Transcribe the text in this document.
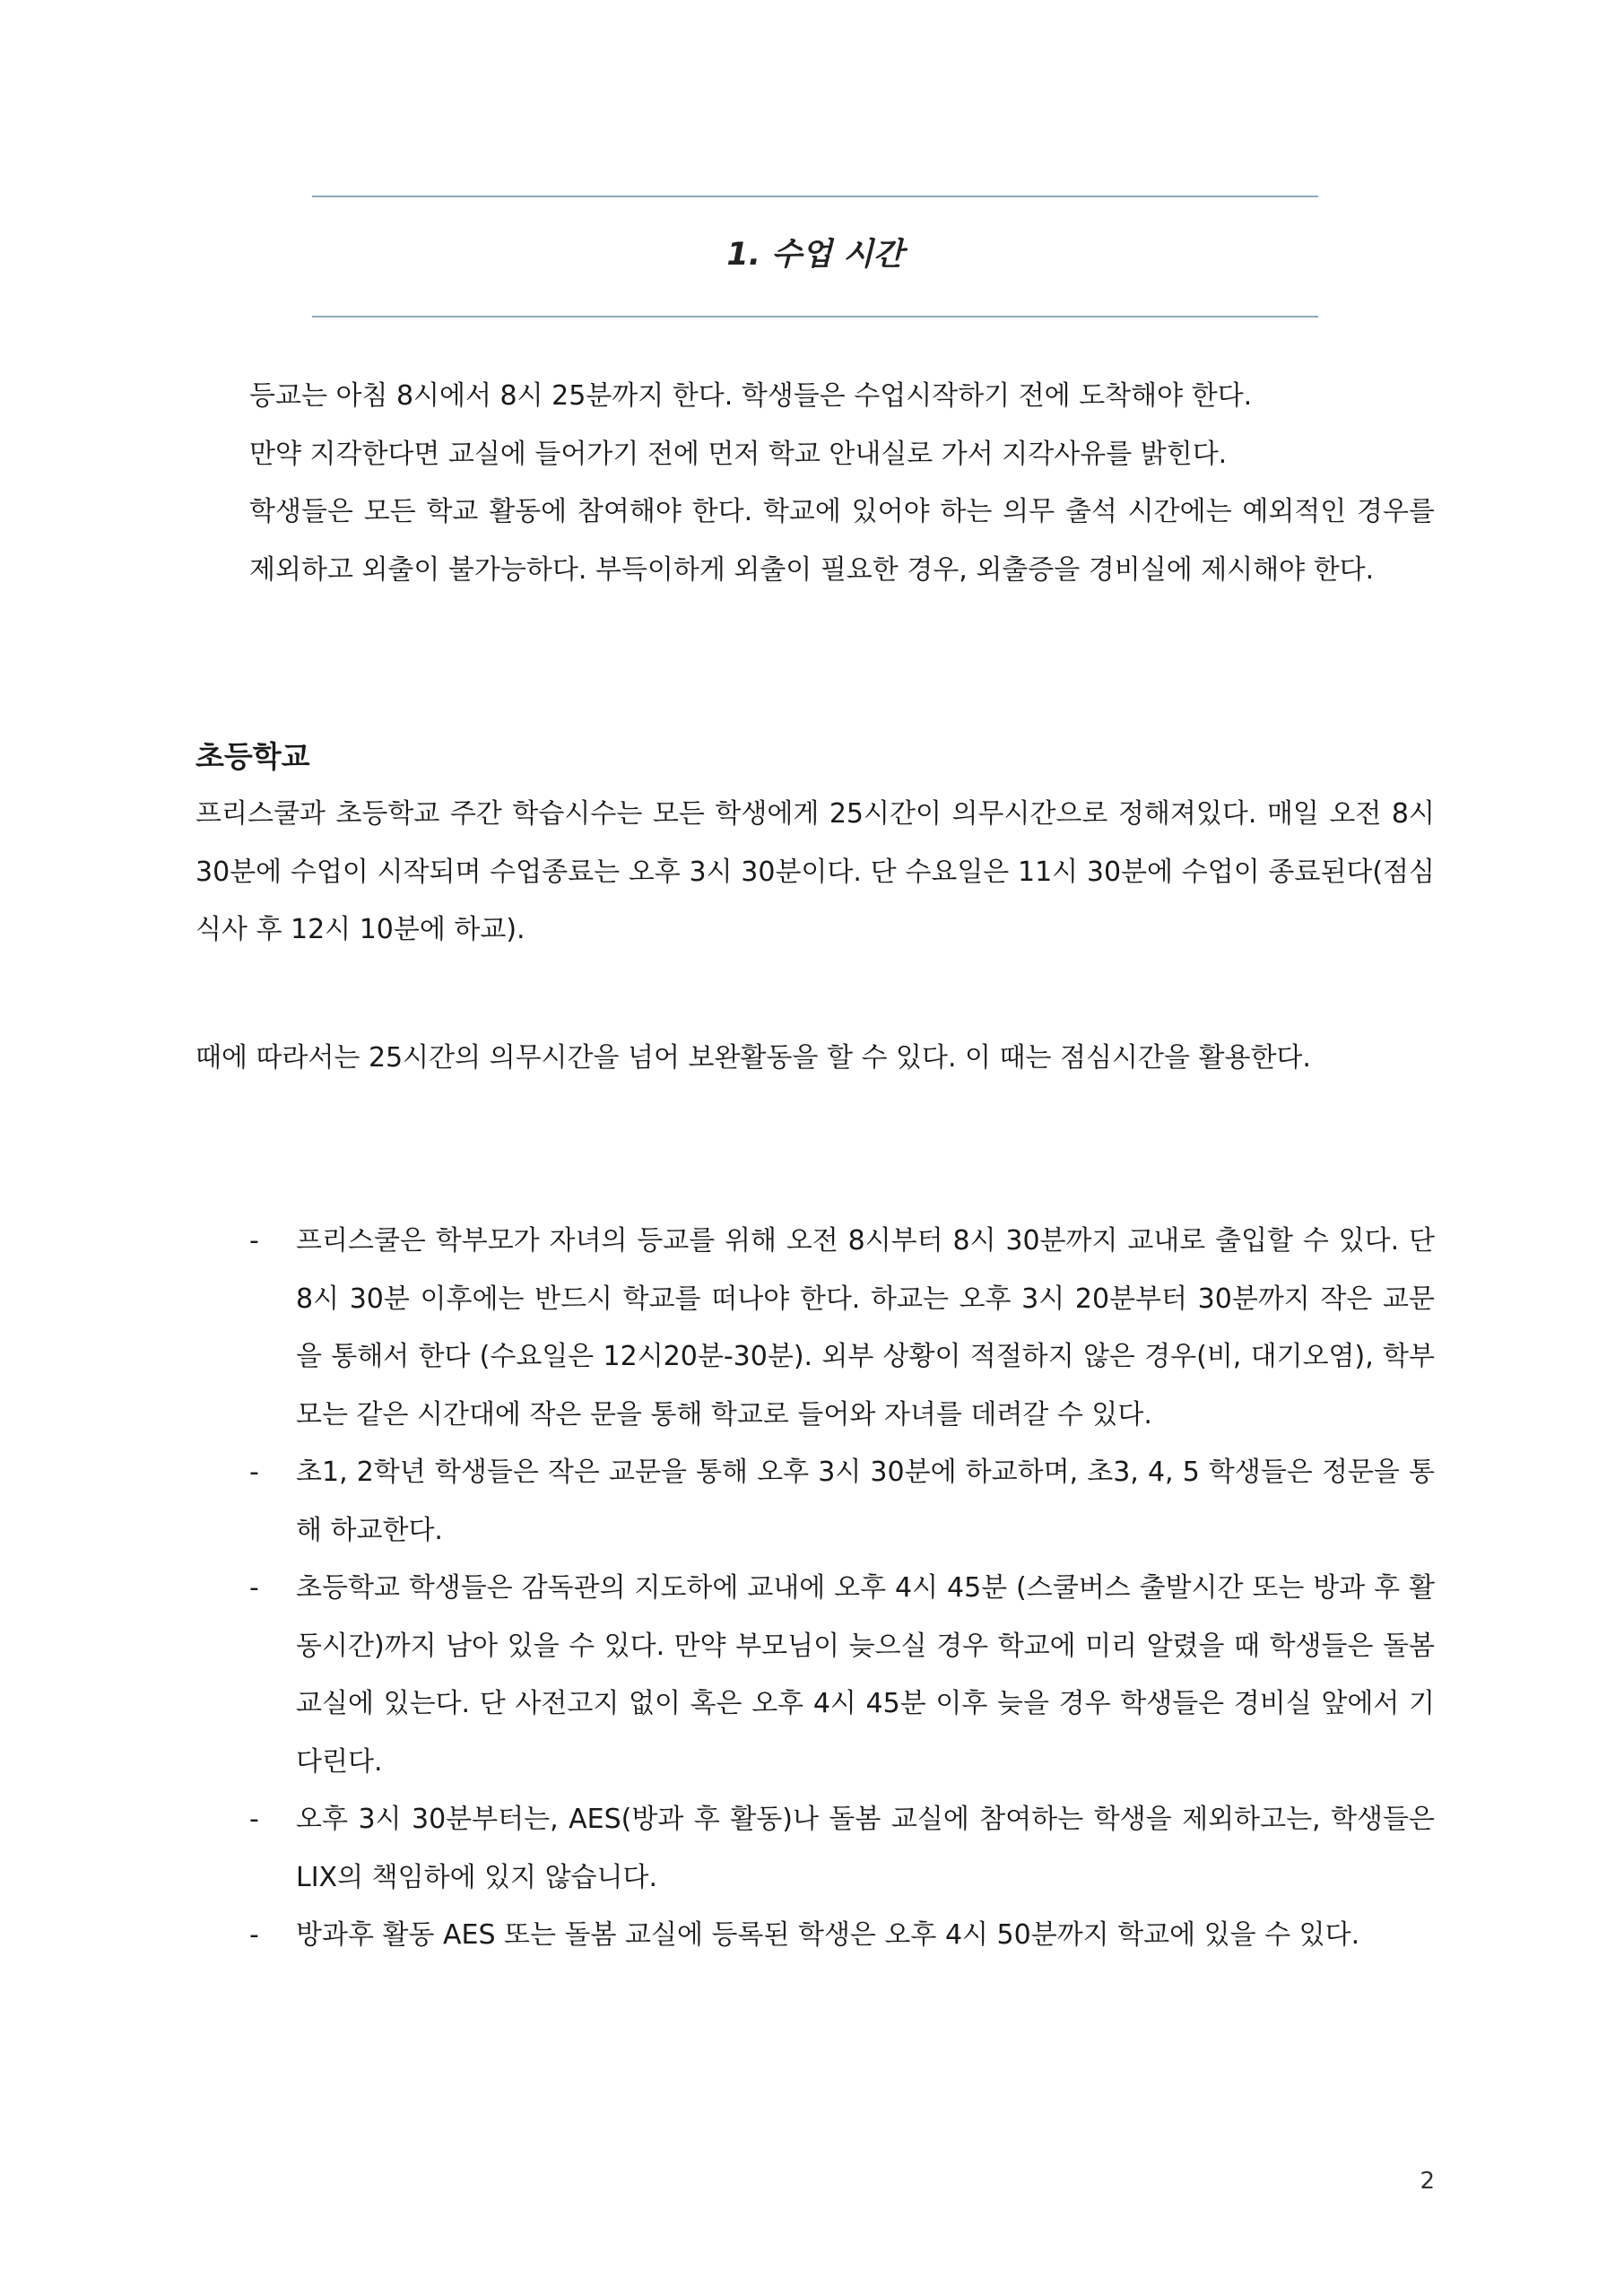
1. 수업 시간

등교는 아침 8시에서 8시 25분까지 한다. 학생들은 수업시작하기 전에 도착해야 한다.

만약 지각한다면 교실에 들어가기 전에 먼저 학교 안내실로 가서 지각사유를 밝힌다.

학생들은 모든 학교 활동에 참여해야 한다. 학교에 있어야 하는 의무 출석 시간에는 예외적인 경우를 제외하고 외출이 불가능하다. 부득이하게 외출이 필요한 경우, 외출증을 경비실에 제시해야 한다.

초등학교

프리스쿨과 초등학교 주간 학습시수는 모든 학생에게 25시간이 의무시간으로 정해져있다. 매일 오전 8시 30분에 수업이 시작되며 수업종료는 오후 3시 30분이다. 단 수요일은 11시 30분에 수업이 종료된다(점심식사 후 12시 10분에 하교).

때에 따라서는 25시간의 의무시간을 넘어 보완활동을 할 수 있다. 이 때는 점심시간을 활용한다.

- 프리스쿨은 학부모가 자녀의 등교를 위해 오전 8시부터 8시 30분까지 교내로 출입할 수 있다. 단 8시 30분 이후에는 반드시 학교를 떠나야 한다. 하교는 오후 3시 20분부터 30분까지 작은 교문을 통해서 한다 (수요일은 12시20분-30분). 외부 상황이 적절하지 않은 경우(비, 대기오염), 학부모는 같은 시간대에 작은 문을 통해 학교로 들어와 자녀를 데려갈 수 있다.
- 초1, 2학년 학생들은 작은 교문을 통해 오후 3시 30분에 하교하며, 초3, 4, 5 학생들은 정문을 통해 하교한다.
- 초등학교 학생들은 감독관의 지도하에 교내에 오후 4시 45분 (스쿨버스 출발시간 또는 방과 후 활동시간)까지 남아 있을 수 있다. 만약 부모님이 늦으실 경우 학교에 미리 알렸을 때 학생들은 돌봄교실에 있는다. 단 사전고지 없이 혹은 오후 4시 45분 이후 늦을 경우 학생들은 경비실 앞에서 기다린다.
- 오후 3시 30분부터는, AES(방과 후 활동)나 돌봄 교실에 참여하는 학생을 제외하고는, 학생들은 LIX의 책임하에 있지 않습니다.
- 방과후 활동 AES 또는 돌봄 교실에 등록된 학생은 오후 4시 50분까지 학교에 있을 수 있다.
2
